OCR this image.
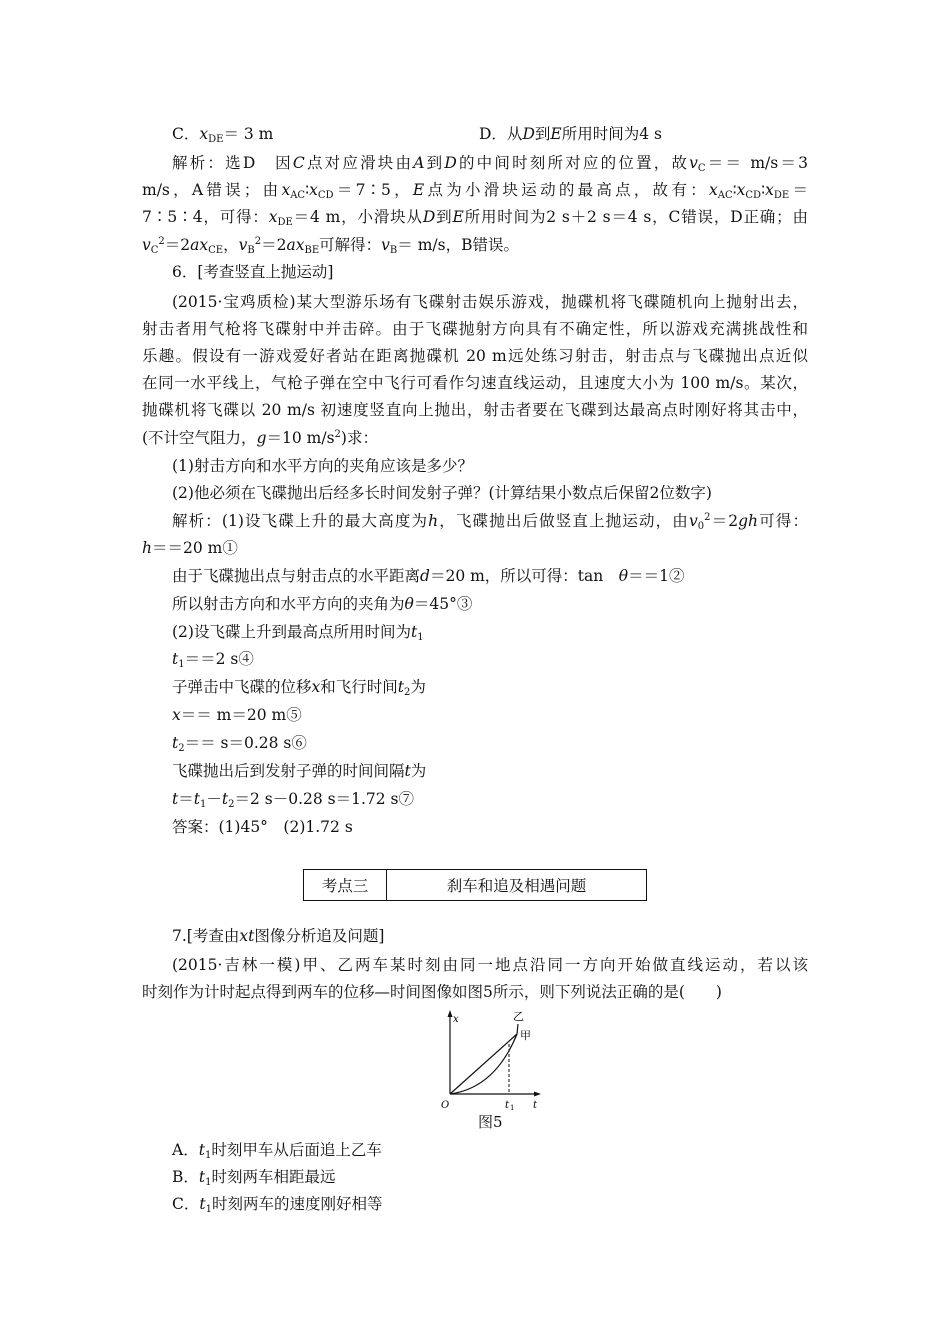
C．$x_{DE}= 3$ m	D．从D到E所用时间为4 s
解析：选D　因C点对应滑块由A到D的中间时刻所对应的位置，故$v_C== m/s=3$
m/s，A错误；由$x_{AC}∶x_{CD}=7∶5$，E点为小滑块运动的最高点，故有：$x_{AC}∶x_{CD}∶x_{DE}=$
7∶5∶4，可得：$x_{DE}=4$ m，小滑块从D到E所用时间为2 s＋2 s＝4 s，C错误，D正确；由
$v_C^2=2ax_{CE}$，$v_B^2=2ax_{BE}$可解得：$v_B= m/s$，B错误。
6．[考查竖直上抛运动]
(2015·宝鸡质检)某大型游乐场有飞碟射击娱乐游戏，抛碟机将飞碟随机向上抛射出去，
射击者用气枪将飞碟射中并击碎。由于飞碟抛射方向具有不确定性，所以游戏充满挑战性和
乐趣。假设有一游戏爱好者站在距离抛碟机 20 m远处练习射击，射击点与飞碟抛出点近似
在同一水平线上，气枪子弹在空中飞行可看作匀速直线运动，且速度大小为 100 m/s。某次，
抛碟机将飞碟以 20 m/s 初速度竖直向上抛出，射击者要在飞碟到达最高点时刚好将其击中，
(不计空气阻力，g＝10 $m/s^2$)求：
(1)射击方向和水平方向的夹角应该是多少？
(2)他必须在飞碟抛出后经多长时间发射子弹？(计算结果小数点后保留2位数字)
解析：(1)设飞碟上升的最大高度为h，飞碟抛出后做竖直上抛运动，由$v_0^2=2gh$可得：
h＝＝20 m①
由于飞碟抛出点与射击点的水平距离d＝20 m，所以可得：tan　θ＝＝1②
所以射击方向和水平方向的夹角为θ＝45°③
(2)设飞碟上升到最高点所用时间为$t_1$
$t_1==2$ s④
子弹击中飞碟的位移x和飞行时间$t_2$为
x＝＝ m＝20 m⑤
$t_2== s=0.28$ s⑥
飞碟抛出后到发射子弹的时间间隔t为
$t=t_1-t_2=2$ s－0.28 s＝1.72 s⑦
答案：(1)45°　(2)1.72 s
考点三	刹车和追及相遇问题
7.[考查由xt图像分析追及问题]
(2015·吉林一模)甲、乙两车某时刻由同一地点沿同一方向开始做直线运动，若以该
时刻作为计时起点得到两车的位移—时间图像如图5所示，则下列说法正确的是(　　)
x
t
O	t 1
乙
甲
图5
A．$t_1$时刻甲车从后面追上乙车
B．$t_1$时刻两车相距最远
C．$t_1$时刻两车的速度刚好相等
